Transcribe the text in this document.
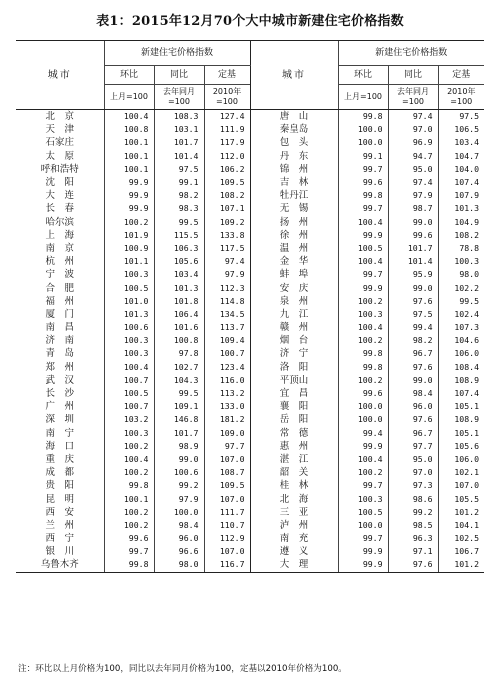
表1：2015年12月70个大中城市新建住宅价格指数
城市	新建住宅价格指数			城市	新建住宅价格指数		
	环比	同比	定基		环比	同比	定基
	上月=100	去年同月=100	2010年=100		上月=100	去年同月=100	2010年=100
北　京	100.4	108.3	127.4	唐　山	99.8	97.4	97.5
天　津	100.8	103.1	111.9	秦皇岛	100.0	97.0	106.5
石家庄	100.1	101.7	117.9	包　头	100.0	96.9	103.4
太　原	100.1	101.4	112.0	丹　东	99.1	94.7	104.7
呼和浩特	100.1	97.5	106.2	锦　州	99.7	95.0	104.0
沈　阳	99.9	99.1	109.5	吉　林	99.6	97.4	107.4
大　连	99.9	98.2	108.2	牡丹江	99.8	97.9	107.9
长　春	99.9	98.3	107.1	无　锡	99.7	98.7	101.3
哈尔滨	100.2	99.5	109.2	扬　州	100.4	99.0	104.9
上　海	101.9	115.5	133.8	徐　州	99.9	99.6	108.2
南　京	100.9	106.3	117.5	温　州	100.5	101.7	78.8
杭　州	101.1	105.6	97.4	金　华	100.4	101.4	100.3
宁　波	100.3	103.4	97.9	蚌　埠	99.7	95.9	98.0
合　肥	100.5	101.3	112.3	安　庆	99.9	99.0	102.2
福　州	101.0	101.8	114.8	泉　州	100.2	97.6	99.5
厦　门	101.3	106.4	134.5	九　江	100.3	97.5	102.4
南　昌	100.6	101.6	113.7	赣　州	100.4	99.4	107.3
济　南	100.3	100.8	109.4	烟　台	100.2	98.2	104.6
青　岛	100.3	97.8	100.7	济　宁	99.8	96.7	106.0
郑　州	100.4	102.7	123.4	洛　阳	99.8	97.6	108.4
武　汉	100.7	104.3	116.0	平顶山	100.2	99.0	108.9
长　沙	100.5	99.5	113.2	宜　昌	99.6	98.4	107.4
广　州	100.7	109.1	133.0	襄　阳	100.0	96.0	105.1
深　圳	103.2	146.8	181.2	岳　阳	100.0	97.6	108.9
南　宁	100.3	101.7	109.0	常　德	99.4	96.7	105.1
海　口	100.2	98.9	97.7	惠　州	99.9	97.7	105.6
重　庆	100.4	99.0	107.0	湛　江	100.4	95.0	106.0
成　都	100.2	100.6	108.7	韶　关	100.2	97.0	102.1
贵　阳	99.8	99.2	109.5	桂　林	99.7	97.3	107.0
昆　明	100.1	97.9	107.0	北　海	100.3	98.6	105.5
西　安	100.2	100.0	111.7	三　亚	100.5	99.2	101.2
兰　州	100.2	98.4	110.7	泸　州	100.0	98.5	104.1
西　宁	99.6	96.0	112.9	南　充	99.7	96.3	102.5
银　川	99.7	96.6	107.0	遵　义	99.9	97.1	106.7
乌鲁木齐	99.8	98.0	116.7	大　理	99.9	97.6	101.2
注：环比以上月价格为100，同比以去年同月价格为100，定基以2010年价格为100。
